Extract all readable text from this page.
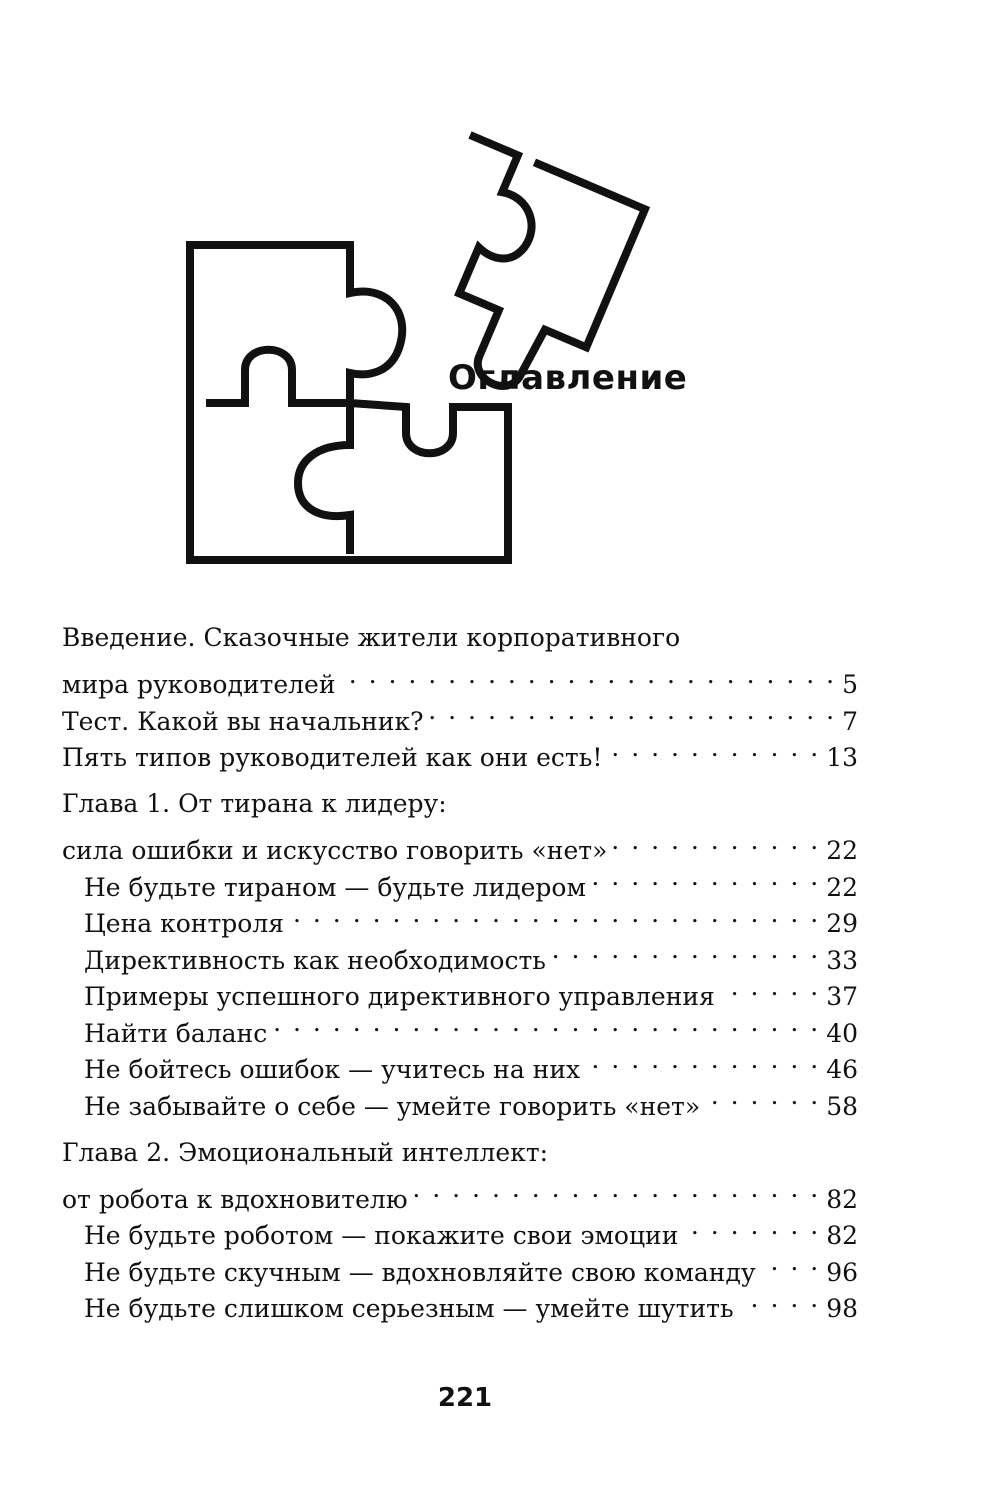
Оглавление
Введение. Сказочные жители корпоративного
мира руководителей . . .	5
Тест. Какой вы начальник? . . .	7
Пять типов руководителей как они есть! . . .	13
Глава 1. От тирана к лидеру:
сила ошибки и искусство говорить «нет» . . .	22
Не будьте тираном — будьте лидером . . .	22
Цена контроля . . .	29
Директивность как необходимость . . .	33
Примеры успешного директивного управления . . .	37
Найти баланс . . .	40
Не бойтесь ошибок — учитесь на них . . .	46
Не забывайте о себе — умейте говорить «нет» . . .	58
Глава 2. Эмоциональный интеллект:
от робота к вдохновителю . . .	82
Не будьте роботом — покажите свои эмоции . . .	82
Не будьте скучным — вдохновляйте свою команду . . .	96
Не будьте слишком серьезным — умейте шутить . . .	98
221
